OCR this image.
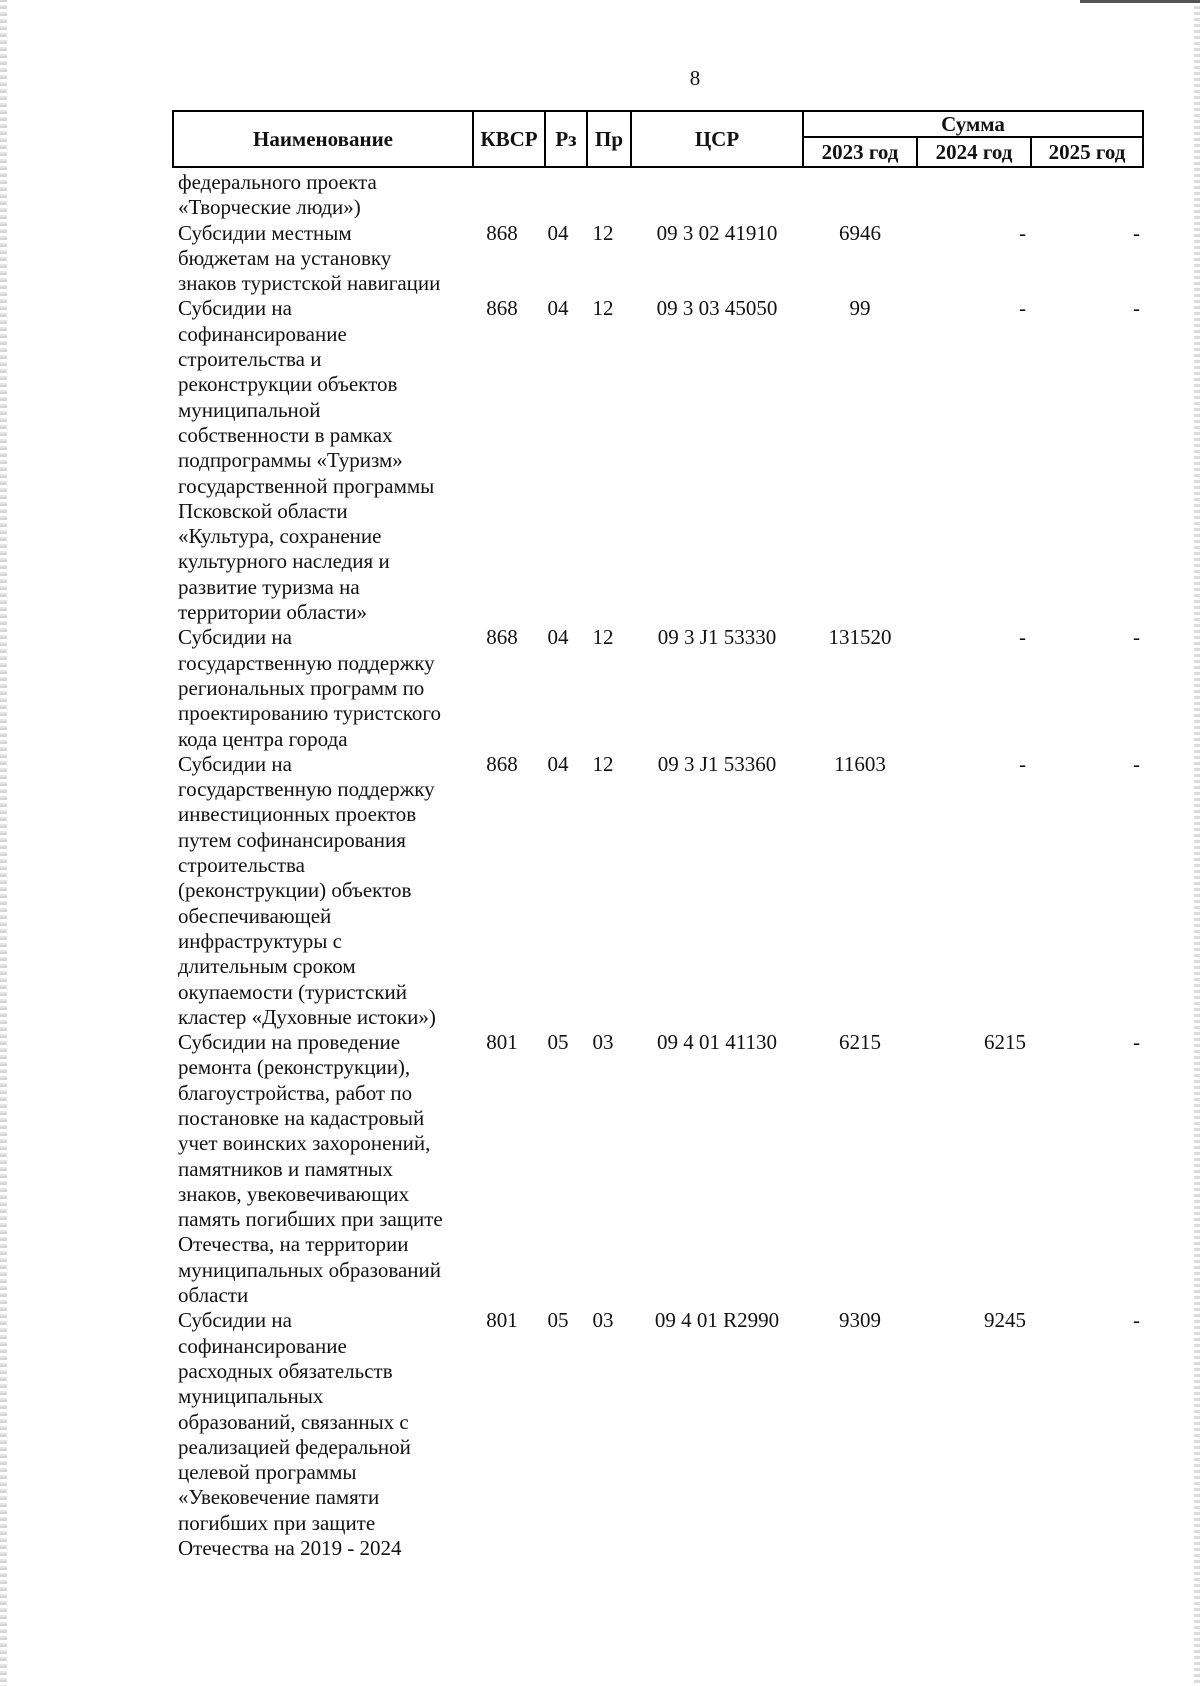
8
Наименование	КВСР Рз Пр	ЦСР
Сумма
2023 год	2024 год	2025 год
федерального проекта
«Творческие люди»)
Субсидии местным
бюджетам на установку
знаков туристской навигации
868	04	12	09 3 02 41910	6946	-	-
Субсидии на
софинансирование
строительства и
реконструкции объектов
муниципальной
собственности в рамках
подпрограммы «Туризм»
государственной программы
Псковской области
«Культура, сохранение
культурного наследия и
развитие туризма на
территории области»
868	04	12	09 3 03 45050	99	-	-
Субсидии на
государственную поддержку
региональных программ по
проектированию туристского
кода центра города
868	04	12	09 3 J1 53330	131520	-	-
Субсидии на
государственную поддержку
инвестиционных проектов
путем софинансирования
строительства
(реконструкции) объектов
обеспечивающей
инфраструктуры с
длительным сроком
окупаемости (туристский
кластер «Духовные истоки»)
868	04	12	09 3 J1 53360	11603	-	-
Субсидии на проведение
ремонта (реконструкции),
благоустройства, работ по
постановке на кадастровый
учет воинских захоронений,
памятников и памятных
знаков, увековечивающих
память погибших при защите
Отечества, на территории
муниципальных образований
области
801	05	03	09 4 01 41130	6215	6215	-
Субсидии на
софинансирование
расходных обязательств
муниципальных
образований, связанных с
реализацией федеральной
целевой программы
«Увековечение памяти
погибших при защите
Отечества на 2019 - 2024
801	05	03	09 4 01 R2990	9309	9245	-
